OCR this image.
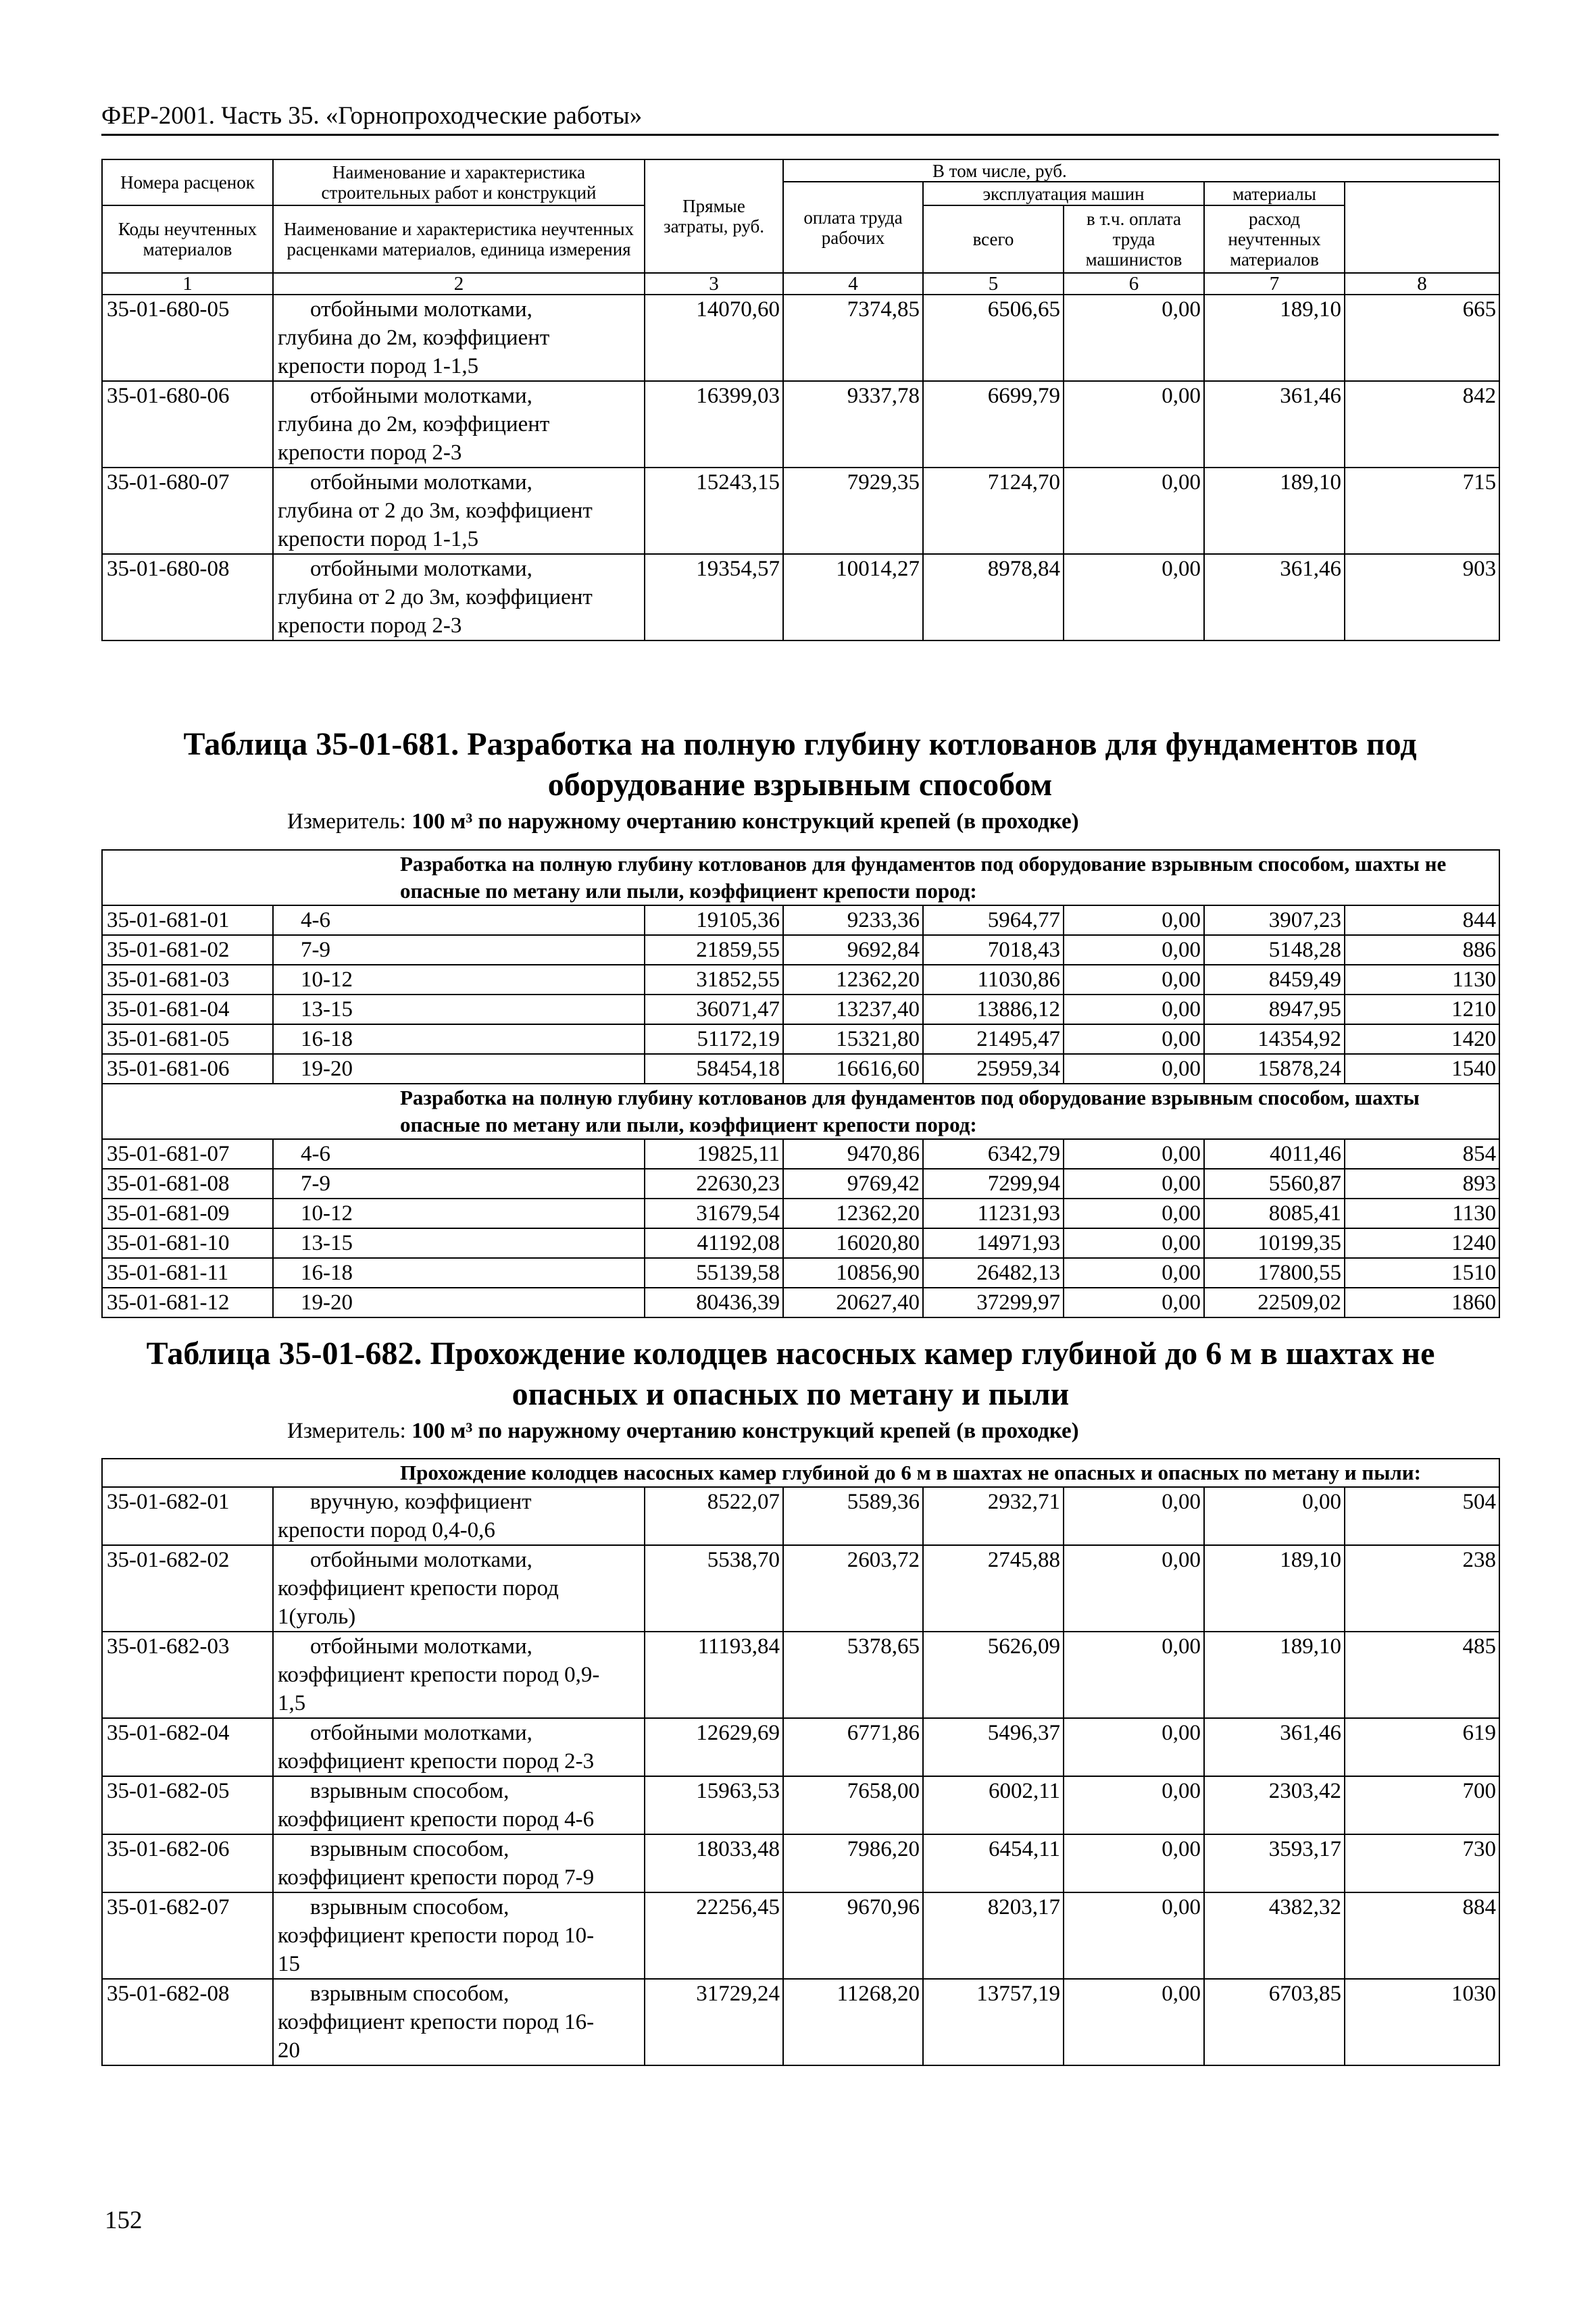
ФЕР-2001. Часть 35. «Горнопроходческие работы»
Номера расценок	Наименование и характеристика строительных работ и конструкций	Прямые затраты, руб.	В том числе, руб.	
			оплата труда рабочих	эксплуатация машин		материалы		
Коды неучтенных материалов	Наименование и характеристика неучтенных расценками материалов, единица измерения			всего	в т.ч. оплата труда машинистов	расход неучтенных материалов		

1	2	3	4	5	6	7	8	
35-01-680-05	отбойными молотками,
глубина до 2м, коэффициент
крепости пород 1-1,5	14070,60	7374,85	6506,65	0,00	189,10	665	
35-01-680-06	отбойными молотками,
глубина до 2м, коэффициент
крепости пород 2-3	16399,03	9337,78	6699,79	0,00	361,46	842	
35-01-680-07	отбойными молотками,
глубина от 2 до 3м, коэффициент
крепости пород 1-1,5	15243,15	7929,35	7124,70	0,00	189,10	715	
35-01-680-08	отбойными молотками,
глубина от 2 до 3м, коэффициент
крепости пород 2-3	19354,57	10014,27	8978,84	0,00	361,46	903	
Таблица 35-01-681. Разработка на полную глубину котлованов для фундаментов под
оборудование взрывным способом
Измеритель: 100 м³ по наружному очертанию конструкций крепей (в проходке)
Разработка на полную глубину котлованов для фундаментов под оборудование взрывным способом, шахты не опасные по метану или пыли, коэффициент крепости пород:							
35-01-681-01	4-6	19105,36	9233,36	5964,77	0,00	3907,23	844
35-01-681-02	7-9	21859,55	9692,84	7018,43	0,00	5148,28	886
35-01-681-03	10-12	31852,55	12362,20	11030,86	0,00	8459,49	1130
35-01-681-04	13-15	36071,47	13237,40	13886,12	0,00	8947,95	1210
35-01-681-05	16-18	51172,19	15321,80	21495,47	0,00	14354,92	1420
35-01-681-06	19-20	58454,18	16616,60	25959,34	0,00	15878,24	1540
Разработка на полную глубину котлованов для фундаментов под оборудование взрывным способом, шахты опасные по метану или пыли, коэффициент крепости пород:							
35-01-681-07	4-6	19825,11	9470,86	6342,79	0,00	4011,46	854
35-01-681-08	7-9	22630,23	9769,42	7299,94	0,00	5560,87	893
35-01-681-09	10-12	31679,54	12362,20	11231,93	0,00	8085,41	1130
35-01-681-10	13-15	41192,08	16020,80	14971,93	0,00	10199,35	1240
35-01-681-11	16-18	55139,58	10856,90	26482,13	0,00	17800,55	1510
35-01-681-12	19-20	80436,39	20627,40	37299,97	0,00	22509,02	1860
Таблица 35-01-682. Прохождение колодцев насосных камер глубиной до 6 м в шахтах не
опасных и опасных по метану и пыли
Измеритель: 100 м³ по наружному очертанию конструкций крепей (в проходке)
Прохождение колодцев насосных камер глубиной до 6 м в шахтах не опасных и опасных по метану и пыли:							
35-01-682-01	вручную, коэффициент
крепости пород 0,4-0,6	8522,07	5589,36	2932,71	0,00	0,00	504
35-01-682-02	отбойными молотками,
коэффициент крепости пород
1(уголь)	5538,70	2603,72	2745,88	0,00	189,10	238
35-01-682-03	отбойными молотками,
коэффициент крепости пород 0,9-
1,5	11193,84	5378,65	5626,09	0,00	189,10	485
35-01-682-04	отбойными молотками,
коэффициент крепости пород 2-3	12629,69	6771,86	5496,37	0,00	361,46	619
35-01-682-05	взрывным способом,
коэффициент крепости пород 4-6	15963,53	7658,00	6002,11	0,00	2303,42	700
35-01-682-06	взрывным способом,
коэффициент крепости пород 7-9	18033,48	7986,20	6454,11	0,00	3593,17	730
35-01-682-07	взрывным способом,
коэффициент крепости пород 10-
15	22256,45	9670,96	8203,17	0,00	4382,32	884
35-01-682-08	взрывным способом,
коэффициент крепости пород 16-
20	31729,24	11268,20	13757,19	0,00	6703,85	1030
152
